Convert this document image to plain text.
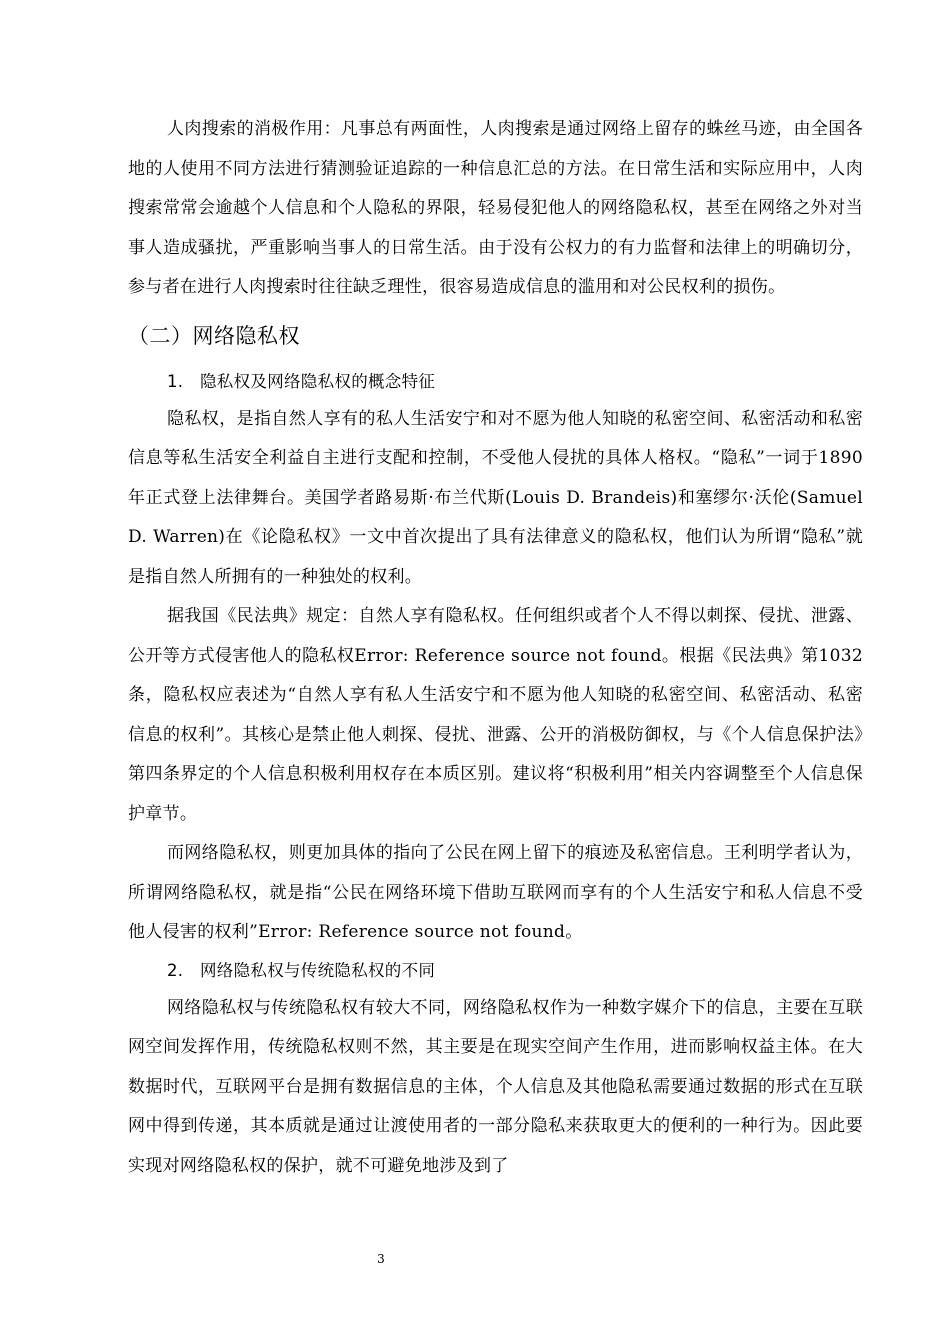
人肉搜索的消极作用：凡事总有两面性，人肉搜索是通过网络上留存的蛛丝马迹，由全国各地的人使用不同方法进行猜测验证追踪的一种信息汇总的方法。在日常生活和实际应用中，人肉搜索常常会逾越个人信息和个人隐私的界限，轻易侵犯他人的网络隐私权，甚至在网络之外对当事人造成骚扰，严重影响当事人的日常生活。由于没有公权力的有力监督和法律上的明确切分，参与者在进行人肉搜索时往往缺乏理性，很容易造成信息的滥用和对公民权利的损伤。

（二）网络隐私权
1. 隐私权及网络隐私权的概念特征

隐私权，是指自然人享有的私人生活安宁和对不愿为他人知晓的私密空间、私密活动和私密信息等私生活安全利益自主进行支配和控制，不受他人侵扰的具体人格权。“隐私”一词于1890年正式登上法律舞台。美国学者路易斯·布兰代斯(Louis D. Brandeis)和塞缪尔·沃伦(Samuel D. Warren)在《论隐私权》一文中首次提出了具有法律意义的隐私权，他们认为所谓“隐私”就是指自然人所拥有的一种独处的权利。

据我国《民法典》规定：自然人享有隐私权。任何组织或者个人不得以刺探、侵扰、泄露、公开等方式侵害他人的隐私权Error: Reference source not found。根据《民法典》第1032条，隐私权应表述为“自然人享有私人生活安宁和不愿为他人知晓的私密空间、私密活动、私密信息的权利”。其核心是禁止他人刺探、侵扰、泄露、公开的消极防御权，与《个人信息保护法》第四条界定的个人信息积极利用权存在本质区别。建议将“积极利用”相关内容调整至个人信息保护章节。

而网络隐私权，则更加具体的指向了公民在网上留下的痕迹及私密信息。王利明学者认为，所谓网络隐私权，就是指“公民在网络环境下借助互联网而享有的个人生活安宁和私人信息不受他人侵害的权利”Error: Reference source not found。

2. 网络隐私权与传统隐私权的不同

网络隐私权与传统隐私权有较大不同，网络隐私权作为一种数字媒介下的信息，主要在互联网空间发挥作用，传统隐私权则不然，其主要是在现实空间产生作用，进而影响权益主体。在大数据时代，互联网平台是拥有数据信息的主体，个人信息及其他隐私需要通过数据的形式在互联网中得到传递，其本质就是通过让渡使用者的一部分隐私来获取更大的便利的一种行为。因此要实现对网络隐私权的保护，就不可避免地涉及到了

3
